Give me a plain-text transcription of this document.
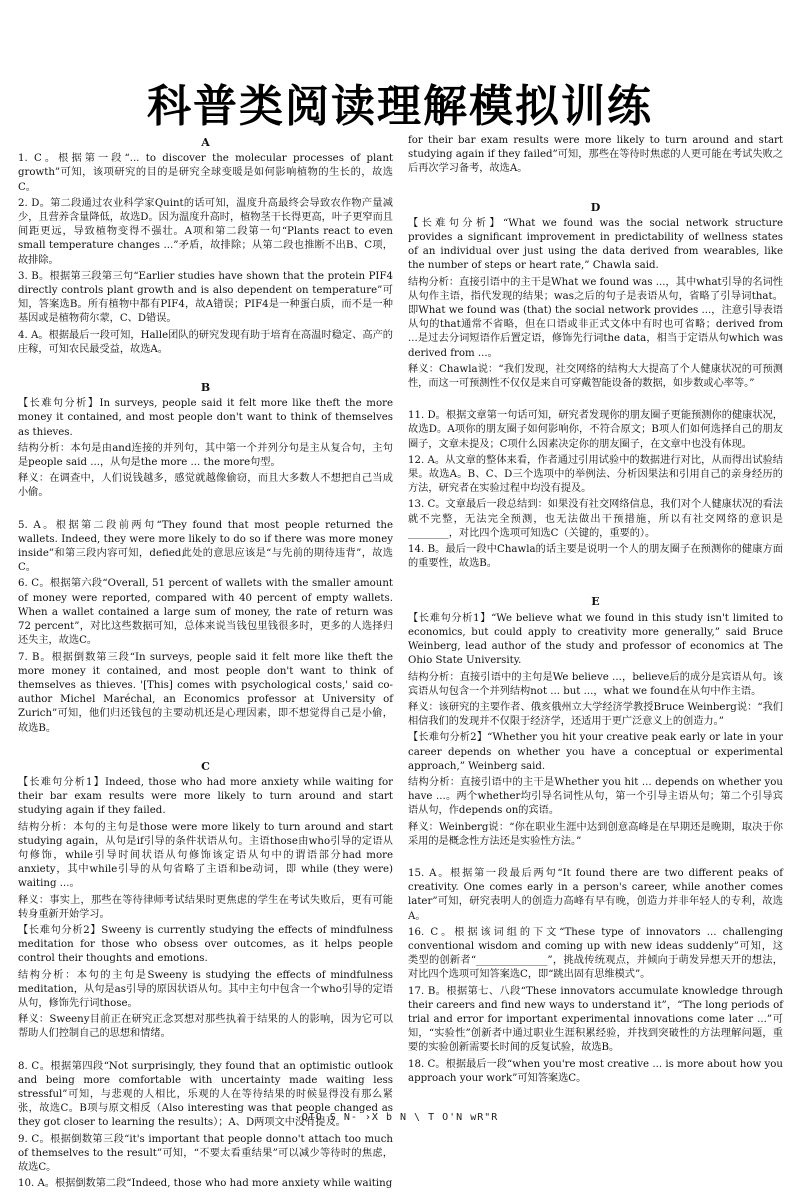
科普类阅读理解模拟训练
A
1. C。根据第一段“... to discover the molecular processes of plant growth”可知，该项研究的目的是研究全球变暖是如何影响植物的生长的，故选C。
2. D。第二段通过农业科学家Quint的话可知，温度升高最终会导致农作物产量减少，且营养含量降低，故选D。因为温度升高时，植物茎干长得更高，叶子更窄而且间距更远，导致植物变得不强壮。A项和第二段第一句“Plants react to even small temperature changes ...”矛盾，故排除；从第二段也推断不出B、C项，故排除。
3. B。根据第三段第三句“Earlier studies have shown that the protein PIF4 directly controls plant growth and is also dependent on temperature”可知，答案选B。所有植物中都有PIF4，故A错误；PIF4是一种蛋白质，而不是一种基因或是植物荷尔蒙，C、D错误。
4. A。根据最后一段可知，Halle团队的研究发现有助于培育在高温时稳定、高产的庄稼，可知农民最受益，故选A。
B
【长难句分析】In surveys, people said it felt more like theft the more money it contained, and most people don't want to think of themselves as thieves.
结构分析：本句是由and连接的并列句，其中第一个并列分句是主从复合句，主句是people said ...，从句是the more ... the more句型。
释义：在调查中，人们说钱越多，感觉就越像偷窃，而且大多数人不想把自己当成小偷。
5. A。根据第二段前两句“They found that most people returned the wallets. Indeed, they were more likely to do so if there was more money inside”和第三段内容可知，defied此处的意思应该是“与先前的期待违背”，故选C。
6. C。根据第六段“Overall, 51 percent of wallets with the smaller amount of money were reported, compared with 40 percent of empty wallets. When a wallet contained a large sum of money, the rate of return was 72 percent”，对比这些数据可知，总体来说当钱包里钱很多时，更多的人选择归还失主，故选C。
7. B。根据倒数第三段“In surveys, people said it felt more like theft the more money it contained, and most people don't want to think of themselves as thieves. '[This] comes with psychological costs,' said co-author Michel Maréchal, an Economics professor at University of Zurich”可知，他们归还钱包的主要动机还是心理因素，即不想觉得自己是小偷，故选B。
C
【长难句分析1】Indeed, those who had more anxiety while waiting for their bar exam results were more likely to turn around and start studying again if they failed.
结构分析：本句的主句是those were more likely to turn around and start studying again，从句是if引导的条件状语从句。主语those由who引导的定语从句修饰，while引导时间状语从句修饰该定语从句中的谓语部分had more anxiety，其中while引导的从句省略了主语和be动词，即 while (they were) waiting ...。
释义：事实上，那些在等待律师考试结果时更焦虑的学生在考试失败后，更有可能转身重新开始学习。
【长难句分析2】Sweeny is currently studying the effects of mindfulness meditation for those who obsess over outcomes, as it helps people control their thoughts and emotions.
结构分析：本句的主句是Sweeny is studying the effects of mindfulness meditation，从句是as引导的原因状语从句。其中主句中包含一个who引导的定语从句，修饰先行词those。
释义：Sweeny目前正在研究正念冥想对那些执着于结果的人的影响，因为它可以帮助人们控制自己的思想和情绪。
8. C。根据第四段“Not surprisingly, they found that an optimistic outlook and being more comfortable with uncertainty made waiting less stressful”可知，与悲观的人相比，乐观的人在等待结果的时候显得没有那么紧张，故选C。B项与原文相反（Also interesting was that people changed as they got closer to learning the results）；A、D两项文中没有提及。
9. C。根据倒数第三段“it's important that people donno't attach too much of themselves to the result”可知，“不要太看重结果”可以减少等待时的焦虑，故选C。
10. A。根据倒数第二段“Indeed, those who had more anxiety while waiting
for their bar exam results were more likely to turn around and start studying again if they failed”可知，那些在等待时焦虑的人更可能在考试失败之后再次学习备考，故选A。
D
【长难句分析】“What we found was the social network structure provides a significant improvement in predictability of wellness states of an individual over just using the data derived from wearables, like the number of steps or heart rate,” Chawla said.
结构分析：直接引语中的主干是What we found was ...，其中what引导的名词性从句作主语，指代发现的结果；was之后的句子是表语从句，省略了引导词that。即What we found was (that) the social network provides ...，注意引导表语从句的that通常不省略，但在口语或非正式文体中有时也可省略；derived from ...是过去分词短语作后置定语，修饰先行词the data，相当于定语从句which was derived from ...。
释义：Chawla说：“我们发现，社交网络的结构大大提高了个人健康状况的可预测性，而这一可预测性不仅仅是来自可穿戴智能设备的数据，如步数或心率等。”
11. D。根据文章第一句话可知，研究者发现你的朋友圈子更能预测你的健康状况，故选D。A项你的朋友圈子如何影响你，不符合原文；B项人们如何选择自己的朋友圈子，文章未提及；C项什么因素决定你的朋友圈子，在文章中也没有体现。
12. A。从文章的整体来看，作者通过引用试验中的数据进行对比，从而得出试验结果。故选A。B、C、D三个选项中的举例法、分析因果法和引用自己的亲身经历的方法，研究者在实验过程中均没有提及。
13. C。文章最后一段总结到：如果没有社交网络信息，我们对个人健康状况的看法就不完整，无法完全预测，也无法做出干预措施，所以有社交网络的意识是________，对比四个选项可知选C（关键的，重要的）。
14. B。最后一段中Chawla的话主要是说明一个人的朋友圈子在预测你的健康方面的重要性，故选B。
E
【长难句分析1】“We believe what we found in this study isn't limited to economics, but could apply to creativity more generally,” said Bruce Weinberg, lead author of the study and professor of economics at The Ohio State University.
结构分析：直接引语中的主句是We believe ...，believe后的成分是宾语从句。该宾语从句包含一个并列结构not ... but ...，what we found在从句中作主语。
释义：该研究的主要作者、俄亥俄州立大学经济学教授Bruce Weinberg说：“我们相信我们的发现并不仅限于经济学，还适用于更广泛意义上的创造力。”
【长难句分析2】“Whether you hit your creative peak early or late in your career depends on whether you have a conceptual or experimental approach,” Weinberg said.
结构分析：直接引语中的主干是Whether you hit ... depends on whether you have ...。两个whether均引导名词性从句，第一个引导主语从句；第二个引导宾语从句，作depends on的宾语。
释义：Weinberg说：“你在职业生涯中达到创意高峰是在早期还是晚期，取决于你采用的是概念性方法还是实验性方法。”
15. A。根据第一段最后两句“It found there are two different peaks of creativity. One comes early in a person's career, while another comes later”可知，研究表明人的创造力高峰有早有晚，创造力并非年轻人的专利，故选A。
16. C。根据该词组的下文“These type of innovators ... challenging conventional wisdom and coming up with new ideas suddenly”可知，这类型的创新者“______________”，挑战传统观点，并倾向于萌发异想天开的想法，对比四个选项可知答案选C，即“跳出固有思维模式”。
17. B。根据第七、八段“These innovators accumulate knowledge through their careers and find new ways to understand it”，“The long periods of trial and error for important experimental innovations come later ...”可知，“实验性”创新者中通过职业生涯积累经验，并找到突破性的方法理解问题，重要的实验创新需要长时间的反复试验，故选B。
18. C。根据最后一段“when you're most creative ... is more about how you approach your work”可知答案选C。
QIO S N- ›X b N \ T O'N wR"R
